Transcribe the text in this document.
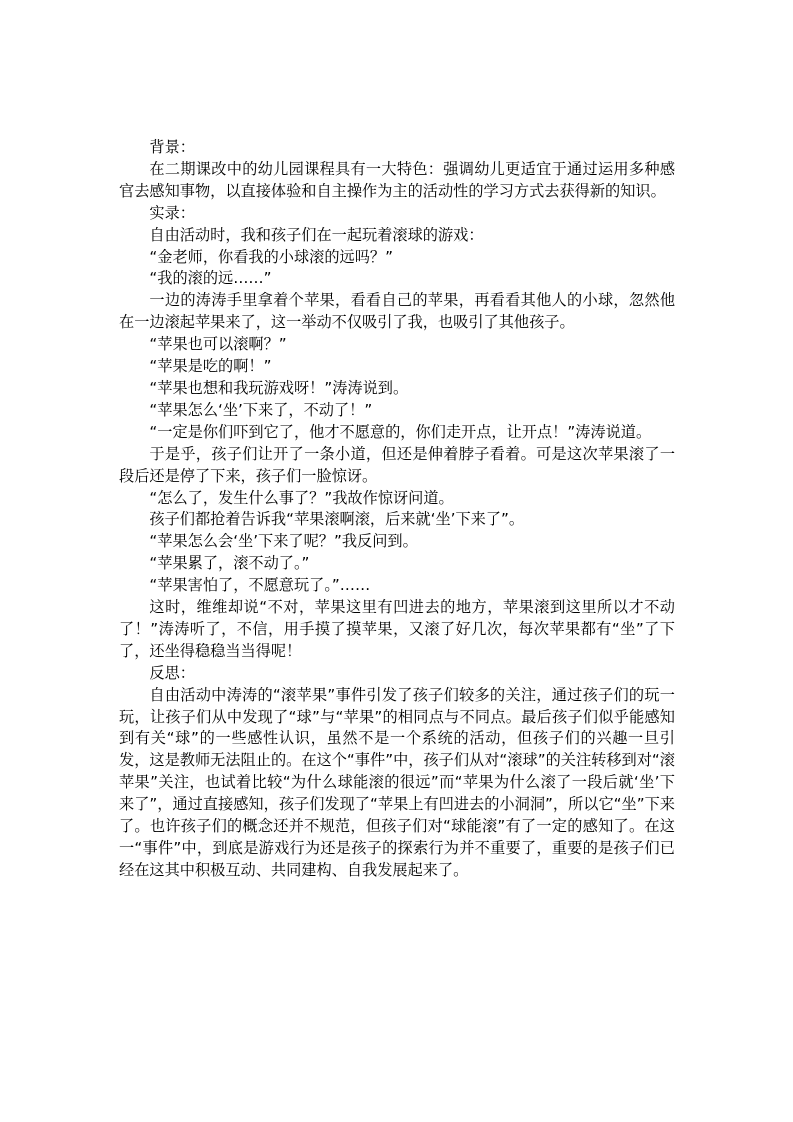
背景：

在二期课改中的幼儿园课程具有一大特色：强调幼儿更适宜于通过运用多种感官去感知事物，以直接体验和自主操作为主的活动性的学习方式去获得新的知识。

实录：

自由活动时，我和孩子们在一起玩着滚球的游戏：

“金老师，你看我的小球滚的远吗？”

“我的滚的远……”

一边的涛涛手里拿着个苹果，看看自己的苹果，再看看其他人的小球，忽然他在一边滚起苹果来了，这一举动不仅吸引了我，也吸引了其他孩子。

“苹果也可以滚啊？”

“苹果是吃的啊！”

“苹果也想和我玩游戏呀！”涛涛说到。

“苹果怎么‘坐’下来了，不动了！”

“一定是你们吓到它了，他才不愿意的，你们走开点，让开点！”涛涛说道。

于是乎，孩子们让开了一条小道，但还是伸着脖子看着。可是这次苹果滚了一段后还是停了下来，孩子们一脸惊讶。

“怎么了，发生什么事了？”我故作惊讶问道。

孩子们都抢着告诉我“苹果滚啊滚，后来就‘坐’下来了”。

“苹果怎么会‘坐’下来了呢？”我反问到。

“苹果累了，滚不动了。”

“苹果害怕了，不愿意玩了。”……

这时，维维却说“不对，苹果这里有凹进去的地方，苹果滚到这里所以才不动了！”涛涛听了，不信，用手摸了摸苹果，又滚了好几次，每次苹果都有“坐”了下了，还坐得稳稳当当得呢！

反思：

自由活动中涛涛的“滚苹果”事件引发了孩子们较多的关注，通过孩子们的玩一玩，让孩子们从中发现了“球”与“苹果”的相同点与不同点。最后孩子们似乎能感知到有关“球”的一些感性认识，虽然不是一个系统的活动，但孩子们的兴趣一旦引发，这是教师无法阻止的。在这个“事件”中，孩子们从对“滚球”的关注转移到对“滚苹果”关注，也试着比较“为什么球能滚的很远”而“苹果为什么滚了一段后就‘坐’下来了”，通过直接感知，孩子们发现了“苹果上有凹进去的小洞洞”，所以它“坐”下来了。也许孩子们的概念还并不规范，但孩子们对“球能滚”有了一定的感知了。在这一“事件”中，到底是游戏行为还是孩子的探索行为并不重要了，重要的是孩子们已经在这其中积极互动、共同建构、自我发展起来了。
